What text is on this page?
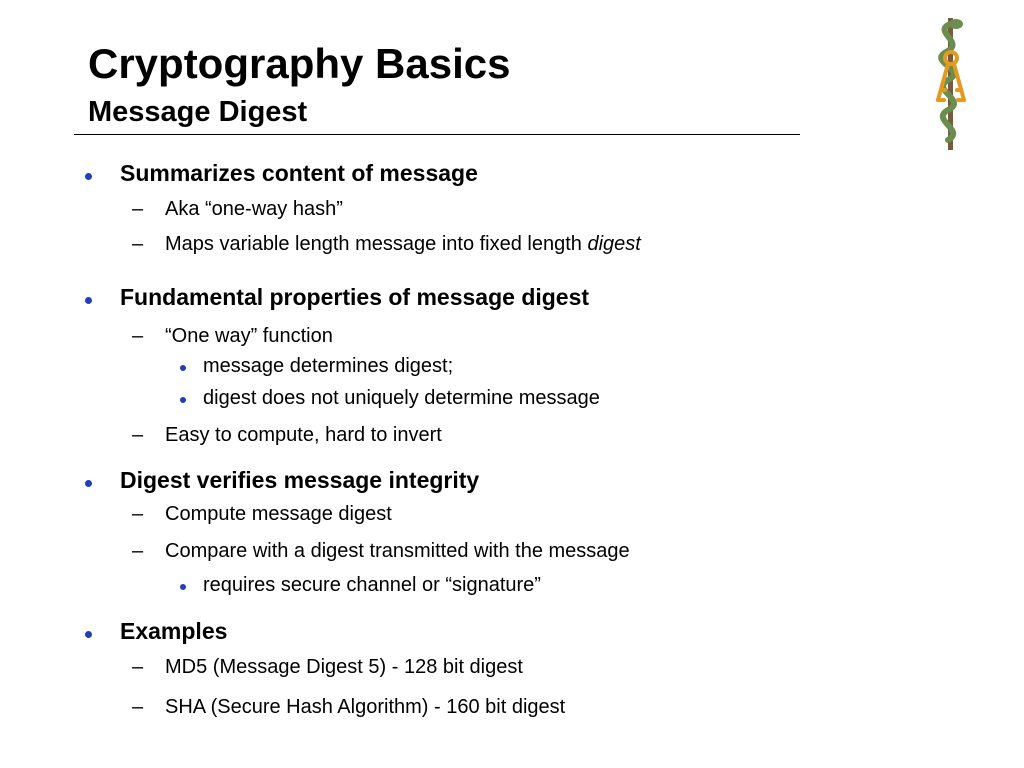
Cryptography Basics
Message Digest
Summarizes content of message
– Aka “one-way hash”
– Maps variable length message into fixed length digest
Fundamental properties of message digest
– “One way” function
message determines digest;
digest does not uniquely determine message
– Easy to compute, hard to invert
Digest verifies message integrity
– Compute message digest
– Compare with a digest transmitted with the message
requires secure channel or “signature”
Examples
– MD5 (Message Digest 5) - 128 bit digest
– SHA (Secure Hash Algorithm) - 160 bit digest
